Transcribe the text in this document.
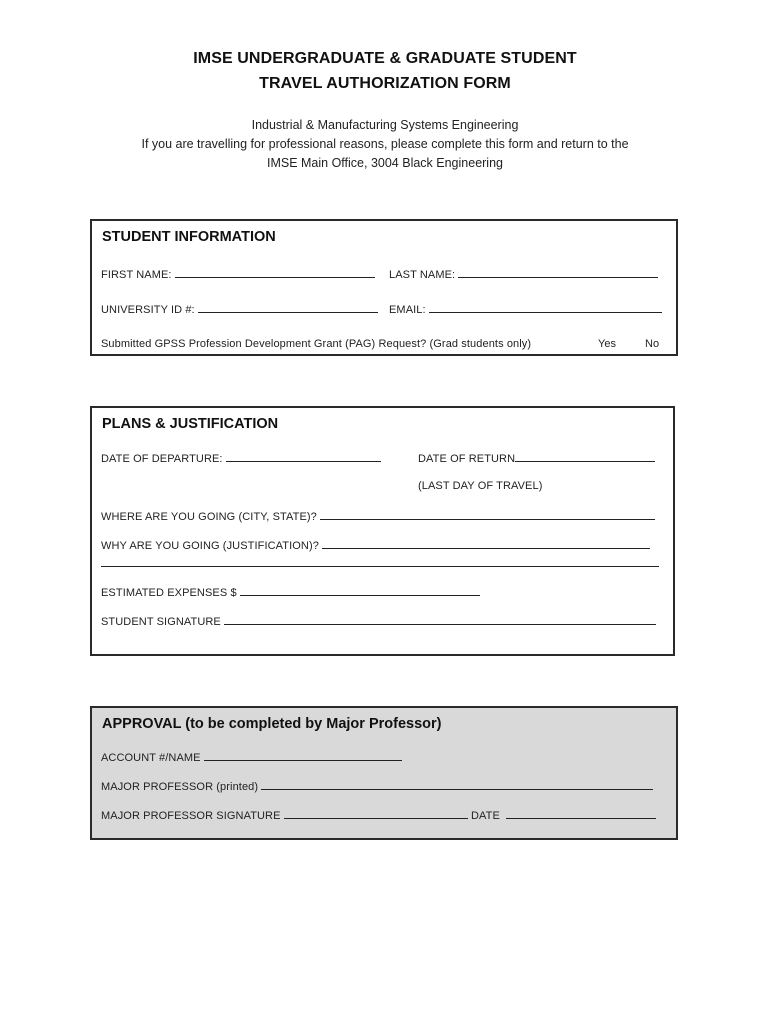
IMSE UNDERGRADUATE & GRADUATE STUDENT
TRAVEL AUTHORIZATION FORM
Industrial & Manufacturing Systems Engineering
If you are travelling for professional reasons, please complete this form and return to the
IMSE Main Office, 3004 Black Engineering
STUDENT INFORMATION
FIRST NAME:	LAST NAME:
UNIVERSITY ID #:	EMAIL:
Submitted GPSS Profession Development Grant (PAG) Request? (Grad students only)	Yes	No
PLANS & JUSTIFICATION
DATE OF DEPARTURE:	DATE OF RETURN
(LAST DAY OF TRAVEL)
WHERE ARE YOU GOING (CITY, STATE)?
WHY ARE YOU GOING (JUSTIFICATION)?
ESTIMATED EXPENSES $
STUDENT SIGNATURE
APPROVAL (to be completed by Major Professor)
ACCOUNT #/NAME
MAJOR PROFESSOR (printed)
MAJOR PROFESSOR SIGNATURE	DATE
